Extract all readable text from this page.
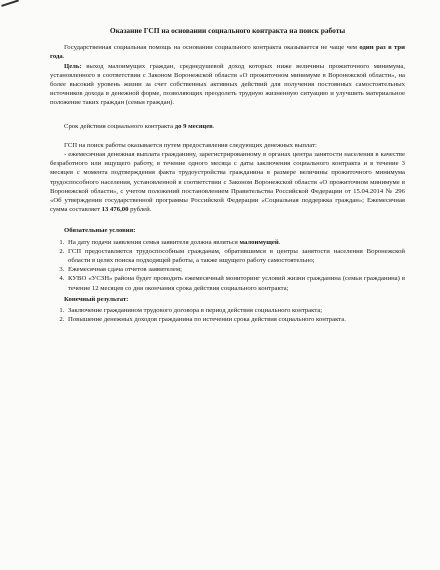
Оказание ГСП на основании социального контракта на поиск работы

Государственная социальная помощь на основании социального контракта оказывается не чаще чем один раз в три года.

Цель: выход малоимущих граждан, среднедушевой доход которых ниже величины прожиточного минимума, установленного в соответствии с Законом Воронежской области «О прожиточном минимуме в Воронежской области», на более высокий уровень жизни за счет собственных активных действий для получения постоянных самостоятельных источников дохода в денежной форме, позволяющих преодолеть трудную жизненную ситуацию и улучшить материальное положение таких граждан (семьи граждан).

Срок действия социального контракта до 9 месяцев.

ГСП на поиск работы оказывается путем предоставления следующих денежных выплат:

- ежемесячная денежная выплата гражданину, зарегистрированному в органах центра занятости населения в качестве безработного или ищущего работу, в течение одного месяца с даты заключения социального контракта и в течение 3 месяцев с момента подтверждения факта трудоустройства гражданина в размере величины прожиточного минимума трудоспособного населения, установленной в соответствии с Законом Воронежской области «О прожиточном минимуме в Воронежской области», с учетом положений постановлением Правительства Российской Федерации от 15.04.2014 № 296 «Об утверждении государственной программы Российской Федерации «Социальная поддержка граждан»; Ежемесячная сумма составляет 13 476,00 рублей.

Обязательные условия:
1. На дату подачи заявления семья заявителя должна являться малоимущей.
2. ГСП предоставляется трудоспособным гражданам, обратившимся в центры занятости населения Воронежской области в целях поиска подходящей работы, а также ищущего работу самостоятельно;
3. Ежемесячная сдача отчетов заявителем;
4. КУВО «УСЗН» района будет проводить ежемесячный мониторинг условий жизни гражданина (семьи гражданина) в течение 12 месяцев со дня окончания срока действия социального контракта;
Конечный результат:
1. Заключение гражданином трудового договора в период действия социального контракта;
2. Повышение денежных доходов гражданина по истечении срока действия социального контракта.
